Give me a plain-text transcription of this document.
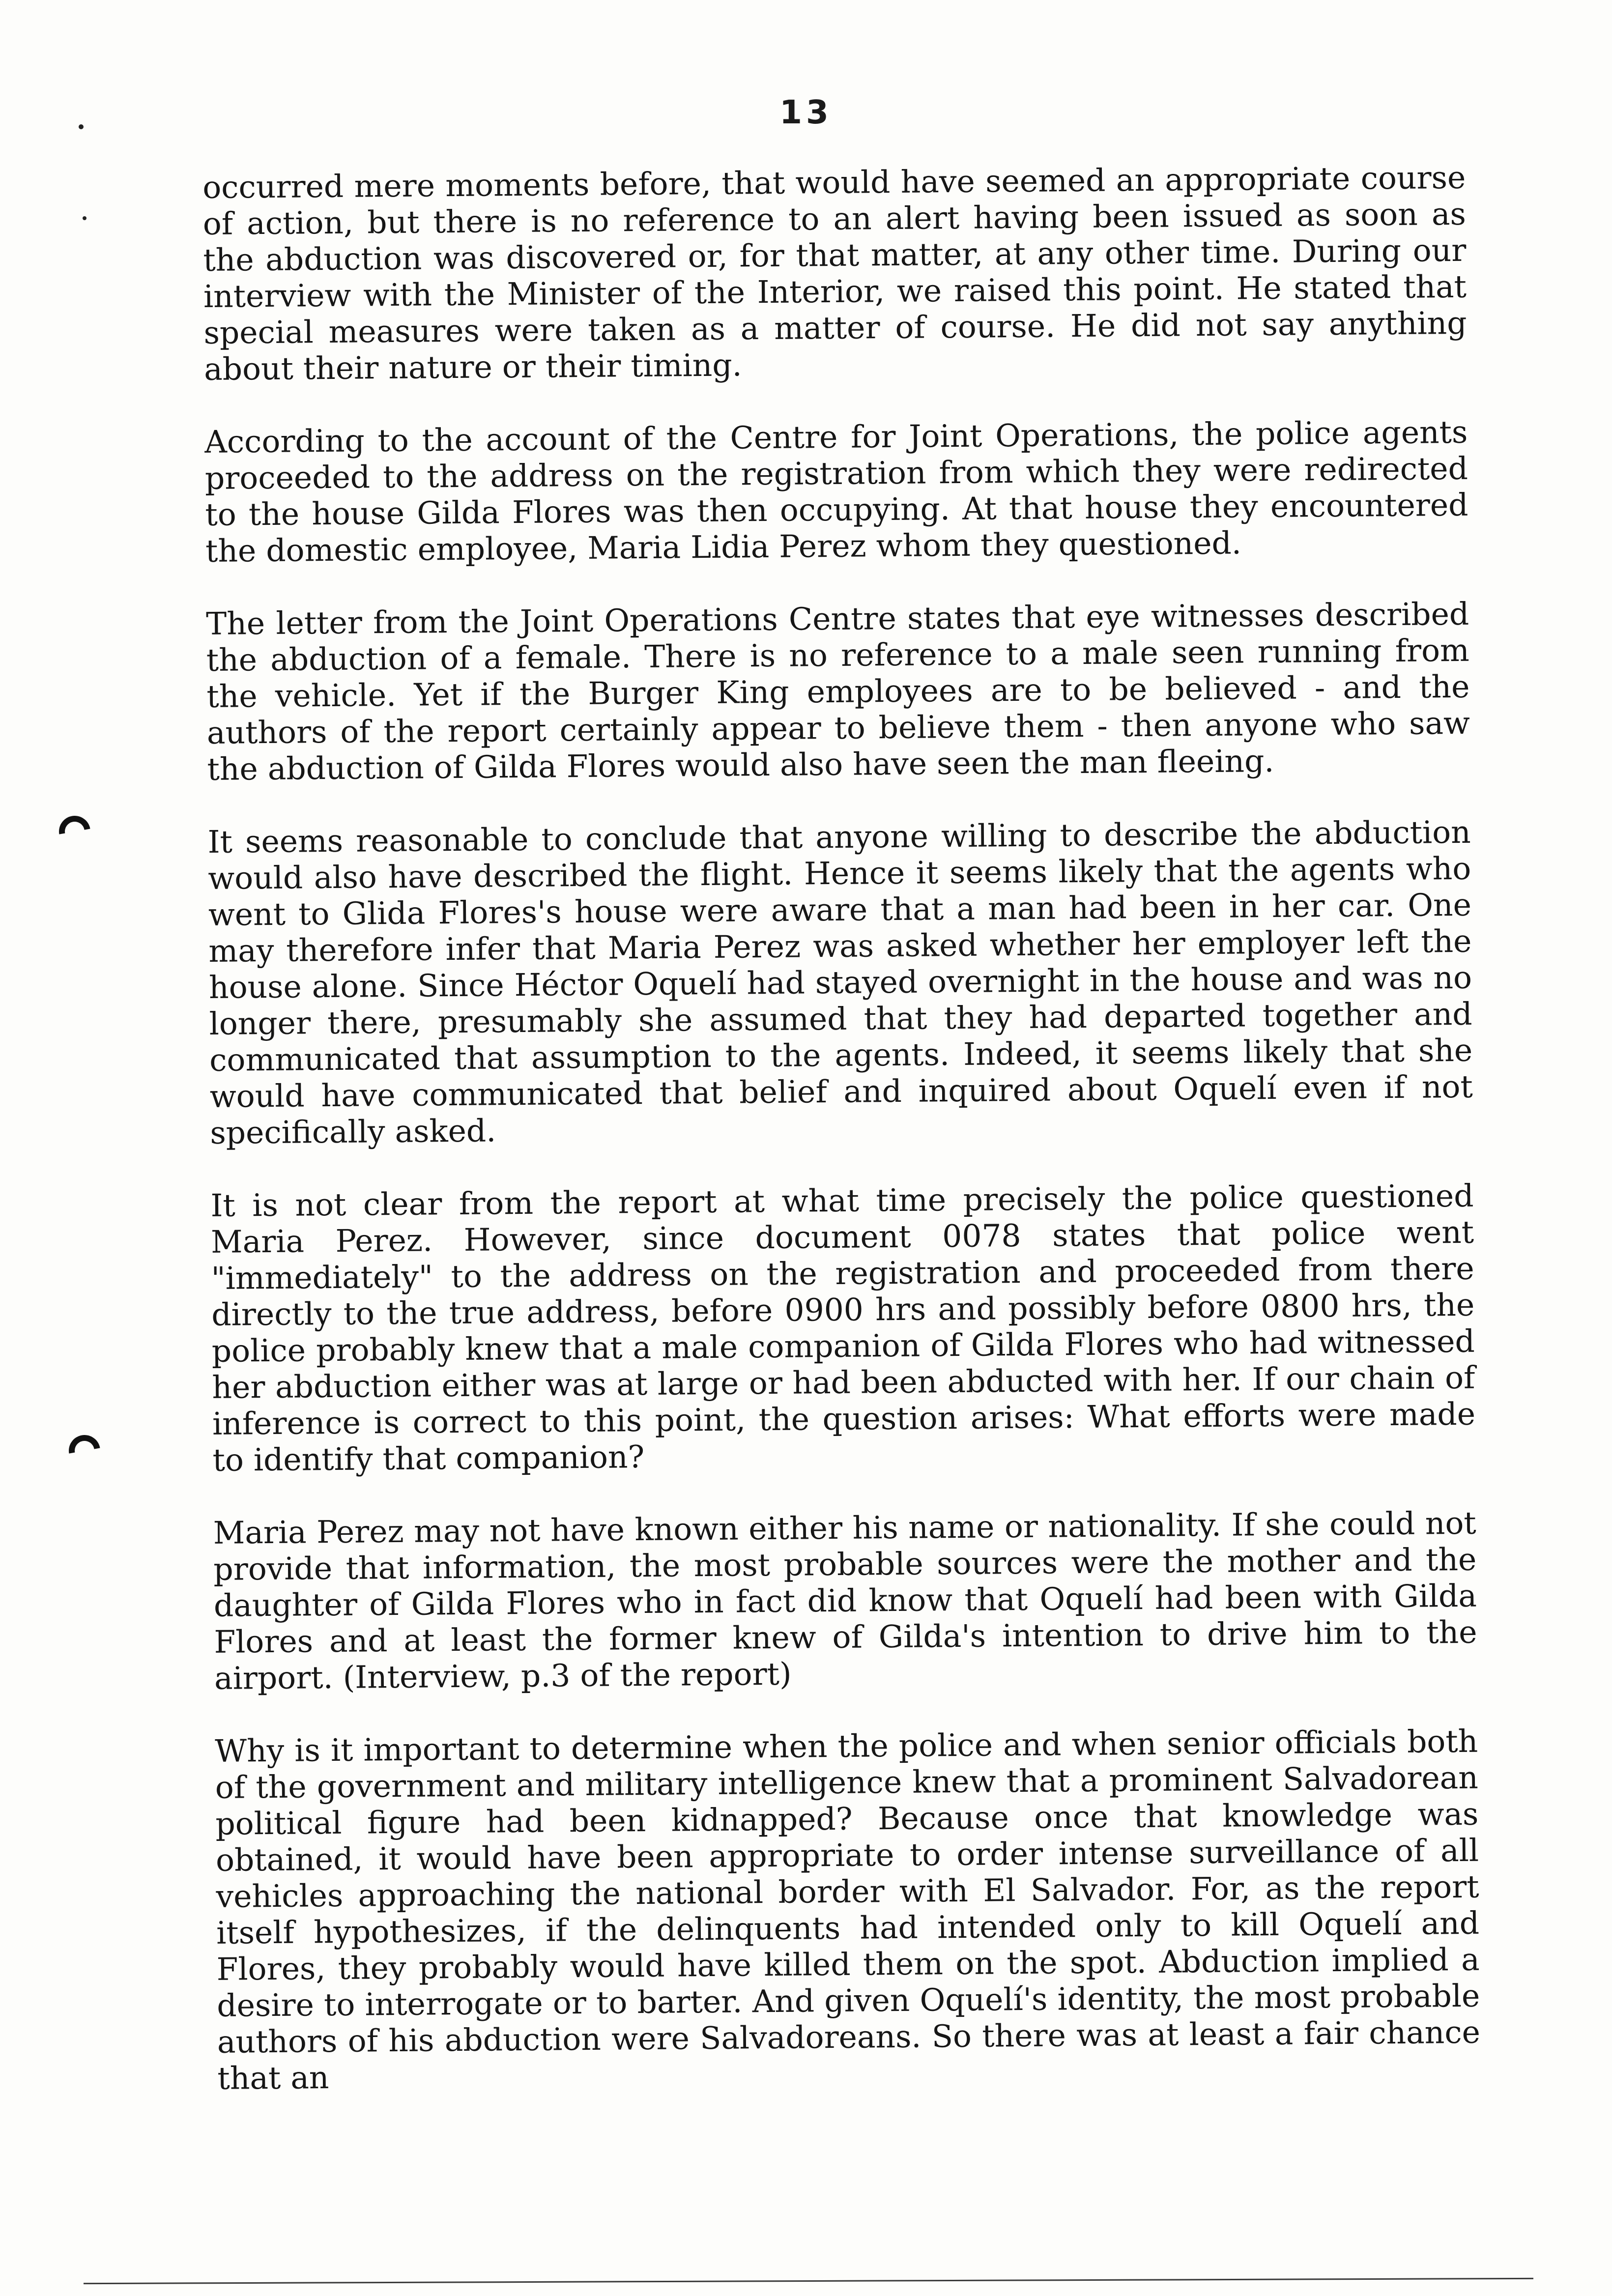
13

occurred mere moments before, that would have seemed an appropriate course of action, but there is no reference to an alert having been issued as soon as the abduction was discovered or, for that matter, at any other time. During our interview with the Minister of the Interior, we raised this point. He stated that special measures were taken as a matter of course. He did not say anything about their nature or their timing.

According to the account of the Centre for Joint Operations, the police agents proceeded to the address on the registration from which they were redirected to the house Gilda Flores was then occupying. At that house they encountered the domestic employee, Maria Lidia Perez whom they questioned.

The letter from the Joint Operations Centre states that eye witnesses described the abduction of a female. There is no reference to a male seen running from the vehicle. Yet if the Burger King employees are to be believed - and the authors of the report certainly appear to believe them - then anyone who saw the abduction of Gilda Flores would also have seen the man fleeing.

It seems reasonable to conclude that anyone willing to describe the abduction would also have described the flight. Hence it seems likely that the agents who went to Glida Flores's house were aware that a man had been in her car. One may therefore infer that Maria Perez was asked whether her employer left the house alone. Since Héctor Oquelí had stayed overnight in the house and was no longer there, presumably she assumed that they had departed together and communicated that assumption to the agents. Indeed, it seems likely that she would have communicated that belief and inquired about Oquelí even if not specifically asked.

It is not clear from the report at what time precisely the police questioned Maria Perez. However, since document 0078 states that police went "immediately" to the address on the registration and proceeded from there directly to the true address, before 0900 hrs and possibly before 0800 hrs, the police probably knew that a male companion of Gilda Flores who had witnessed her abduction either was at large or had been abducted with her. If our chain of inference is correct to this point, the question arises: What efforts were made to identify that companion?

Maria Perez may not have known either his name or nationality. If she could not provide that information, the most probable sources were the mother and the daughter of Gilda Flores who in fact did know that Oquelí had been with Gilda Flores and at least the former knew of Gilda's intention to drive him to the airport. (Interview, p.3 of the report)

Why is it important to determine when the police and when senior officials both of the government and military intelligence knew that a prominent Salvadorean political figure had been kidnapped? Because once that knowledge was obtained, it would have been appropriate to order intense surveillance of all vehicles approaching the national border with El Salvador. For, as the report itself hypothesizes, if the delinquents had intended only to kill Oquelí and Flores, they probably would have killed them on the spot. Abduction implied a desire to interrogate or to barter. And given Oquelí's identity, the most probable authors of his abduction were Salvadoreans. So there was at least a fair chance that an
